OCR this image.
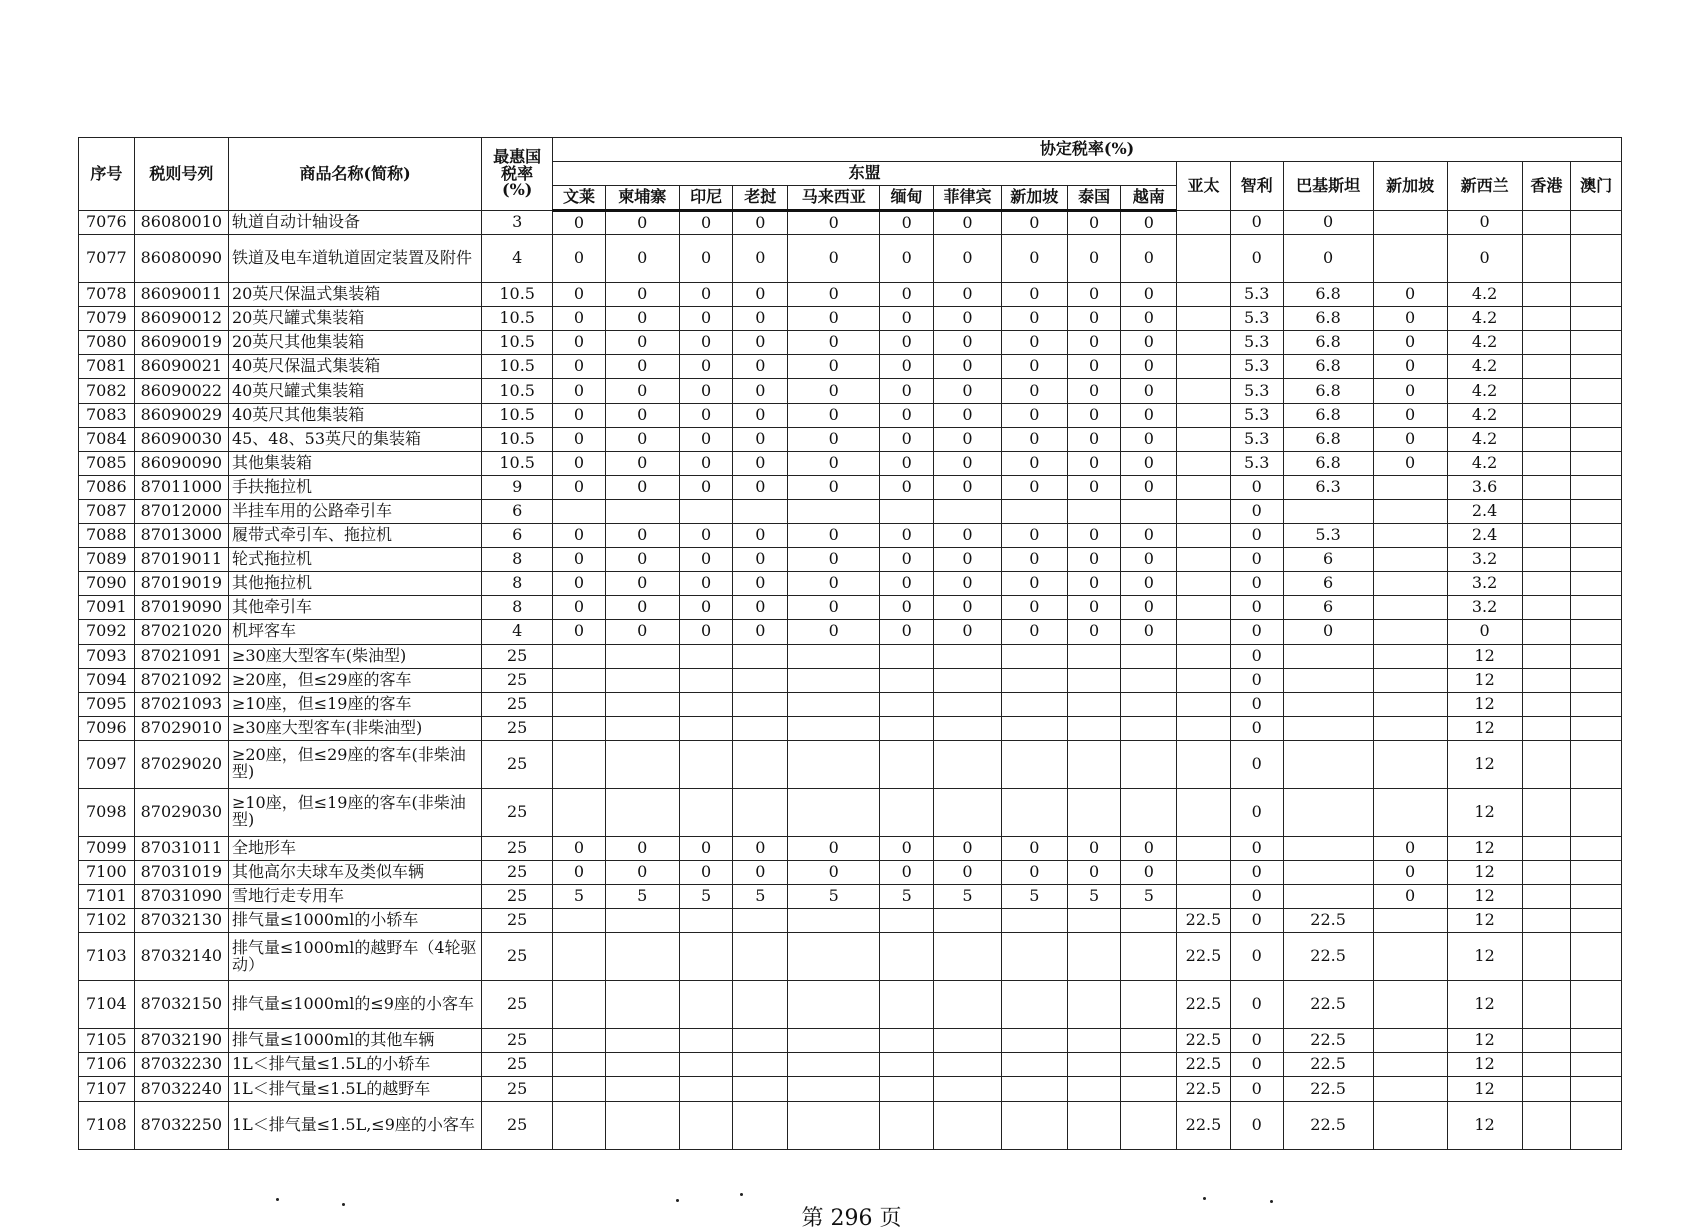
序号	税则号列	商品名称(简称)	最惠国税率(%)	协定税率(%)																
				东盟										亚太	智利	巴基斯坦	新加坡	新西兰	香港	澳门
				文莱	柬埔寨	印尼	老挝	马来西亚	缅甸	菲律宾	新加坡	泰国	越南							
7076	86080010	轨道自动计轴设备	3	0	0	0	0	0	0	0	0	0	0		0	0		0		
7077	86080090	铁道及电车道轨道固定装置及附件	4	0	0	0	0	0	0	0	0	0	0		0	0		0		
7078	86090011	20英尺保温式集装箱	10.5	0	0	0	0	0	0	0	0	0	0		5.3	6.8	0	4.2		
7079	86090012	20英尺罐式集装箱	10.5	0	0	0	0	0	0	0	0	0	0		5.3	6.8	0	4.2		
7080	86090019	20英尺其他集装箱	10.5	0	0	0	0	0	0	0	0	0	0		5.3	6.8	0	4.2		
7081	86090021	40英尺保温式集装箱	10.5	0	0	0	0	0	0	0	0	0	0		5.3	6.8	0	4.2		
7082	86090022	40英尺罐式集装箱	10.5	0	0	0	0	0	0	0	0	0	0		5.3	6.8	0	4.2		
7083	86090029	40英尺其他集装箱	10.5	0	0	0	0	0	0	0	0	0	0		5.3	6.8	0	4.2		
7084	86090030	45、48、53英尺的集装箱	10.5	0	0	0	0	0	0	0	0	0	0		5.3	6.8	0	4.2		
7085	86090090	其他集装箱	10.5	0	0	0	0	0	0	0	0	0	0		5.3	6.8	0	4.2		
7086	87011000	手扶拖拉机	9	0	0	0	0	0	0	0	0	0	0		0	6.3		3.6		
7087	87012000	半挂车用的公路牵引车	6												0			2.4		
7088	87013000	履带式牵引车、拖拉机	6	0	0	0	0	0	0	0	0	0	0		0	5.3		2.4		
7089	87019011	轮式拖拉机	8	0	0	0	0	0	0	0	0	0	0		0	6		3.2		
7090	87019019	其他拖拉机	8	0	0	0	0	0	0	0	0	0	0		0	6		3.2		
7091	87019090	其他牵引车	8	0	0	0	0	0	0	0	0	0	0		0	6		3.2		
7092	87021020	机坪客车	4	0	0	0	0	0	0	0	0	0	0		0	0		0		
7093	87021091	≥30座大型客车(柴油型)	25												0			12		
7094	87021092	≥20座，但≤29座的客车	25												0			12		
7095	87021093	≥10座，但≤19座的客车	25												0			12		
7096	87029010	≥30座大型客车(非柴油型)	25												0			12		
7097	87029020	≥20座，但≤29座的客车(非柴油型)	25												0			12		
7098	87029030	≥10座，但≤19座的客车(非柴油型)	25												0			12		
7099	87031011	全地形车	25	0	0	0	0	0	0	0	0	0	0		0		0	12		
7100	87031019	其他高尔夫球车及类似车辆	25	0	0	0	0	0	0	0	0	0	0		0		0	12		
7101	87031090	雪地行走专用车	25	5	5	5	5	5	5	5	5	5	5		0		0	12		
7102	87032130	排气量≤1000ml的小轿车	25											22.5	0	22.5		12		
7103	87032140	排气量≤1000ml的越野车（4轮驱动）	25											22.5	0	22.5		12		
7104	87032150	排气量≤1000ml的≤9座的小客车	25											22.5	0	22.5		12		
7105	87032190	排气量≤1000ml的其他车辆	25											22.5	0	22.5		12		
7106	87032230	1L＜排气量≤1.5L的小轿车	25											22.5	0	22.5		12		
7107	87032240	1L＜排气量≤1.5L的越野车	25											22.5	0	22.5		12		
7108	87032250	1L＜排气量≤1.5L,≤9座的小客车	25											22.5	0	22.5		12		
第 296 页
